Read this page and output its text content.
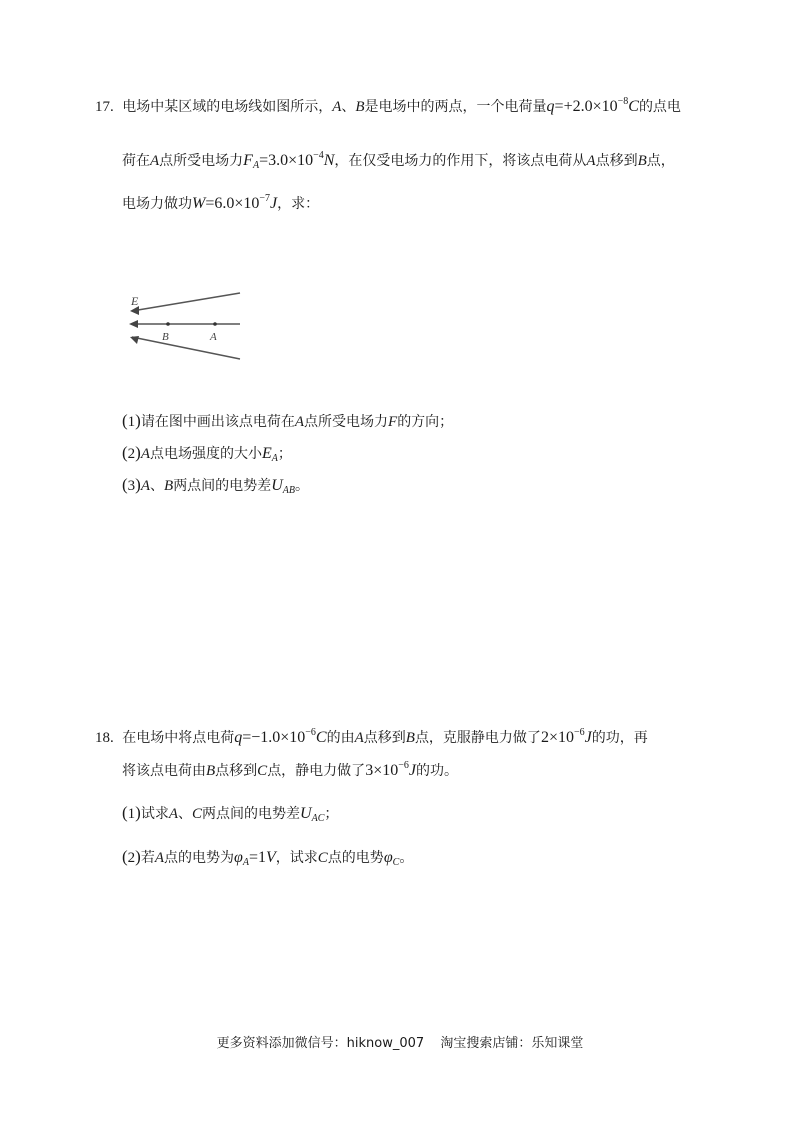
17. 电场中某区域的电场线如图所示，A、B是电场中的两点，一个电荷量$q=+2.0\times 10^{-8}C$的点电
荷在A点所受电场力$F_A=3.0\times 10^{-4}N$，在仅受电场力的作用下，将该点电荷从A点移到B点，
电场力做功$W=6.0\times 10^{-7}J$，求：
E
B	A
(1)请在图中画出该点电荷在A点所受电场力F的方向；
(2)A点电场强度的大小$E_A$；
(3)A、B两点间的电势差$U_{AB}$。
18. 在电场中将点电荷$q=-1.0\times 10^{-6}C$的由A点移到B点，克服静电力做了$2\times 10^{-6}J$的功，再
将该点电荷由B点移到C点，静电力做了$3\times 10^{-6}J$的功。
(1)试求A、C两点间的电势差$U_{AC}$；
(2)若A点的电势为$\varphi_A=1V$，试求C点的电势$\varphi_C$。
更多资料添加微信号：hiknow_007 淘宝搜索店铺：乐知课堂
